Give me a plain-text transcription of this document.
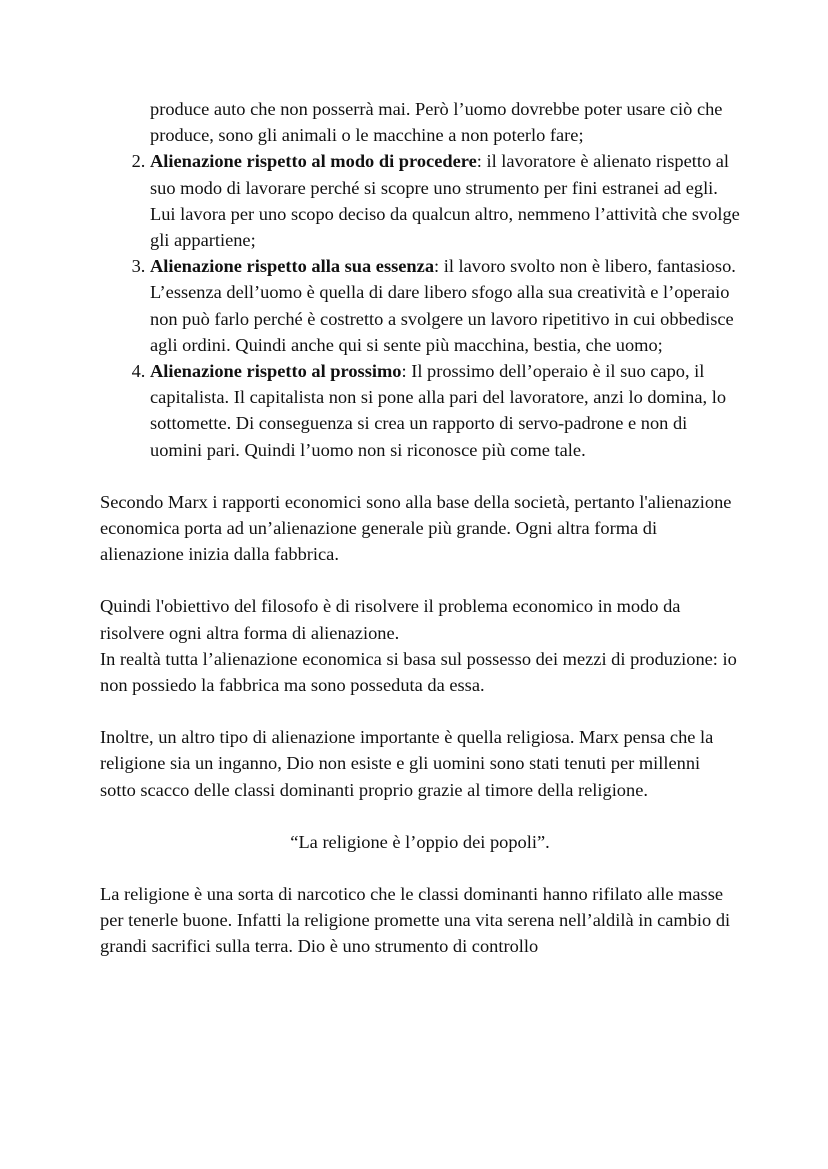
produce auto che non posserrà mai. Però l’uomo dovrebbe poter usare ciò che produce, sono gli animali o le macchine a non poterlo fare;

2. Alienazione rispetto al modo di procedere: il lavoratore è alienato rispetto al suo modo di lavorare perché si scopre uno strumento per fini estranei ad egli. Lui lavora per uno scopo deciso da qualcun altro, nemmeno l’attività che svolge gli appartiene;
3. Alienazione rispetto alla sua essenza: il lavoro svolto non è libero, fantasioso. L’essenza dell’uomo è quella di dare libero sfogo alla sua creatività e l’operaio non può farlo perché è costretto a svolgere un lavoro ripetitivo in cui obbedisce agli ordini. Quindi anche qui si sente più macchina, bestia, che uomo;
4. Alienazione rispetto al prossimo: Il prossimo dell’operaio è il suo capo, il capitalista. Il capitalista non si pone alla pari del lavoratore, anzi lo domina, lo sottomette. Di conseguenza si crea un rapporto di servo-padrone e non di uomini pari. Quindi l’uomo non si riconosce più come tale.

Secondo Marx i rapporti economici sono alla base della società, pertanto l'alienazione economica porta ad un’alienazione generale più grande. Ogni altra forma di alienazione inizia dalla fabbrica.

Quindi l'obiettivo del filosofo è di risolvere il problema economico in modo da risolvere ogni altra forma di alienazione.

In realtà tutta l’alienazione economica si basa sul possesso dei mezzi di produzione: io non possiedo la fabbrica ma sono posseduta da essa.

Inoltre, un altro tipo di alienazione importante è quella religiosa. Marx pensa che la religione sia un inganno, Dio non esiste e gli uomini sono stati tenuti per millenni sotto scacco delle classi dominanti proprio grazie al timore della religione.

“La religione è l’oppio dei popoli”.

La religione è una sorta di narcotico che le classi dominanti hanno rifilato alle masse per tenerle buone. Infatti la religione promette una vita serena nell’aldilà in cambio di grandi sacrifici sulla terra. Dio è uno strumento di controllo
